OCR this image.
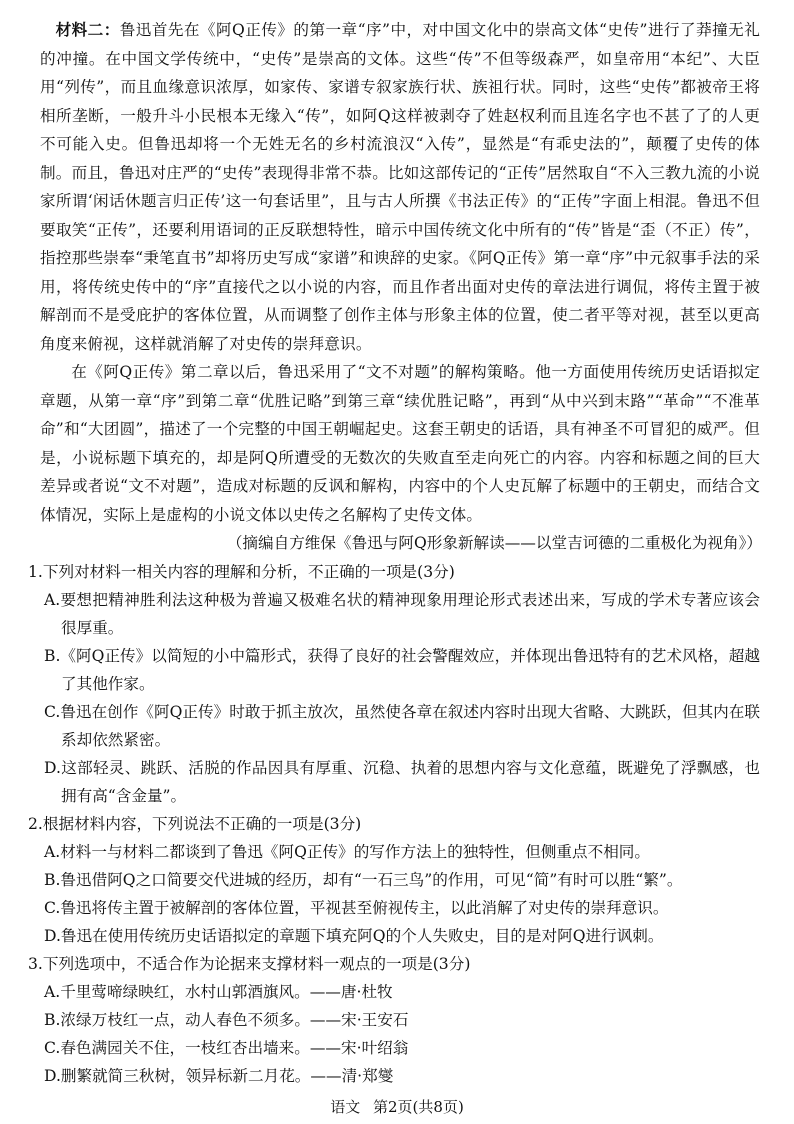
材料二：鲁迅首先在《阿Q正传》的第一章“序”中，对中国文化中的崇高文体“史传”进行了莽撞无礼的冲撞。在中国文学传统中，“史传”是崇高的文体。这些“传”不但等级森严，如皇帝用“本纪”、大臣用“列传”，而且血缘意识浓厚，如家传、家谱专叙家族行状、族祖行状。同时，这些“史传”都被帝王将相所垄断，一般升斗小民根本无缘入“传”，如阿Q这样被剥夺了姓赵权利而且连名字也不甚了了的人更不可能入史。但鲁迅却将一个无姓无名的乡村流浪汉“入传”，显然是“有乖史法的”，颠覆了史传的体制。而且，鲁迅对庄严的“史传”表现得非常不恭。比如这部传记的“正传”居然取自“不入三教九流的小说家所谓‘闲话休题言归正传’这一句套话里”，且与古人所撰《书法正传》的“正传”字面上相混。鲁迅不但要取笑“正传”，还要利用语词的正反联想特性，暗示中国传统文化中所有的“传”皆是“歪（不正）传”，指控那些崇奉“秉笔直书”却将历史写成“家谱”和谀辞的史家。《阿Q正传》第一章“序”中元叙事手法的采用，将传统史传中的“序”直接代之以小说的内容，而且作者出面对史传的章法进行调侃，将传主置于被解剖而不是受庇护的客体位置，从而调整了创作主体与形象主体的位置，使二者平等对视，甚至以更高角度来俯视，这样就消解了对史传的崇拜意识。

在《阿Q正传》第二章以后，鲁迅采用了“文不对题”的解构策略。他一方面使用传统历史话语拟定章题，从第一章“序”到第二章“优胜记略”到第三章“续优胜记略”，再到“从中兴到末路”“革命”“不准革命”和“大团圆”，描述了一个完整的中国王朝崛起史。这套王朝史的话语，具有神圣不可冒犯的威严。但是，小说标题下填充的，却是阿Q所遭受的无数次的失败直至走向死亡的内容。内容和标题之间的巨大差异或者说“文不对题”，造成对标题的反讽和解构，内容中的个人史瓦解了标题中的王朝史，而结合文体情况，实际上是虚构的小说文体以史传之名解构了史传文体。

（摘编自方维保《鲁迅与阿Q形象新解读——以堂吉诃德的二重极化为视角》）

1.下列对材料一相关内容的理解和分析，不正确的一项是(3分)

A.要想把精神胜利法这种极为普遍又极难名状的精神现象用理论形式表述出来，写成的学术专著应该会很厚重。

B.《阿Q正传》以简短的小中篇形式，获得了良好的社会警醒效应，并体现出鲁迅特有的艺术风格，超越了其他作家。

C.鲁迅在创作《阿Q正传》时敢于抓主放次，虽然使各章在叙述内容时出现大省略、大跳跃，但其内在联系却依然紧密。

D.这部轻灵、跳跃、活脱的作品因具有厚重、沉稳、执着的思想内容与文化意蕴，既避免了浮飘感，也拥有高“含金量”。

2.根据材料内容，下列说法不正确的一项是(3分)

A.材料一与材料二都谈到了鲁迅《阿Q正传》的写作方法上的独特性，但侧重点不相同。

B.鲁迅借阿Q之口简要交代进城的经历，却有“一石三鸟”的作用，可见“简”有时可以胜“繁”。

C.鲁迅将传主置于被解剖的客体位置，平视甚至俯视传主，以此消解了对史传的崇拜意识。

D.鲁迅在使用传统历史话语拟定的章题下填充阿Q的个人失败史，目的是对阿Q进行讽刺。

3.下列选项中，不适合作为论据来支撑材料一观点的一项是(3分)

A.千里莺啼绿映红，水村山郭酒旗风。——唐·杜牧

B.浓绿万枝红一点，动人春色不须多。——宋·王安石

C.春色满园关不住，一枝红杏出墙来。——宋·叶绍翁

D.删繁就简三秋树，领异标新二月花。——清·郑燮

语文 第2页(共8页)
